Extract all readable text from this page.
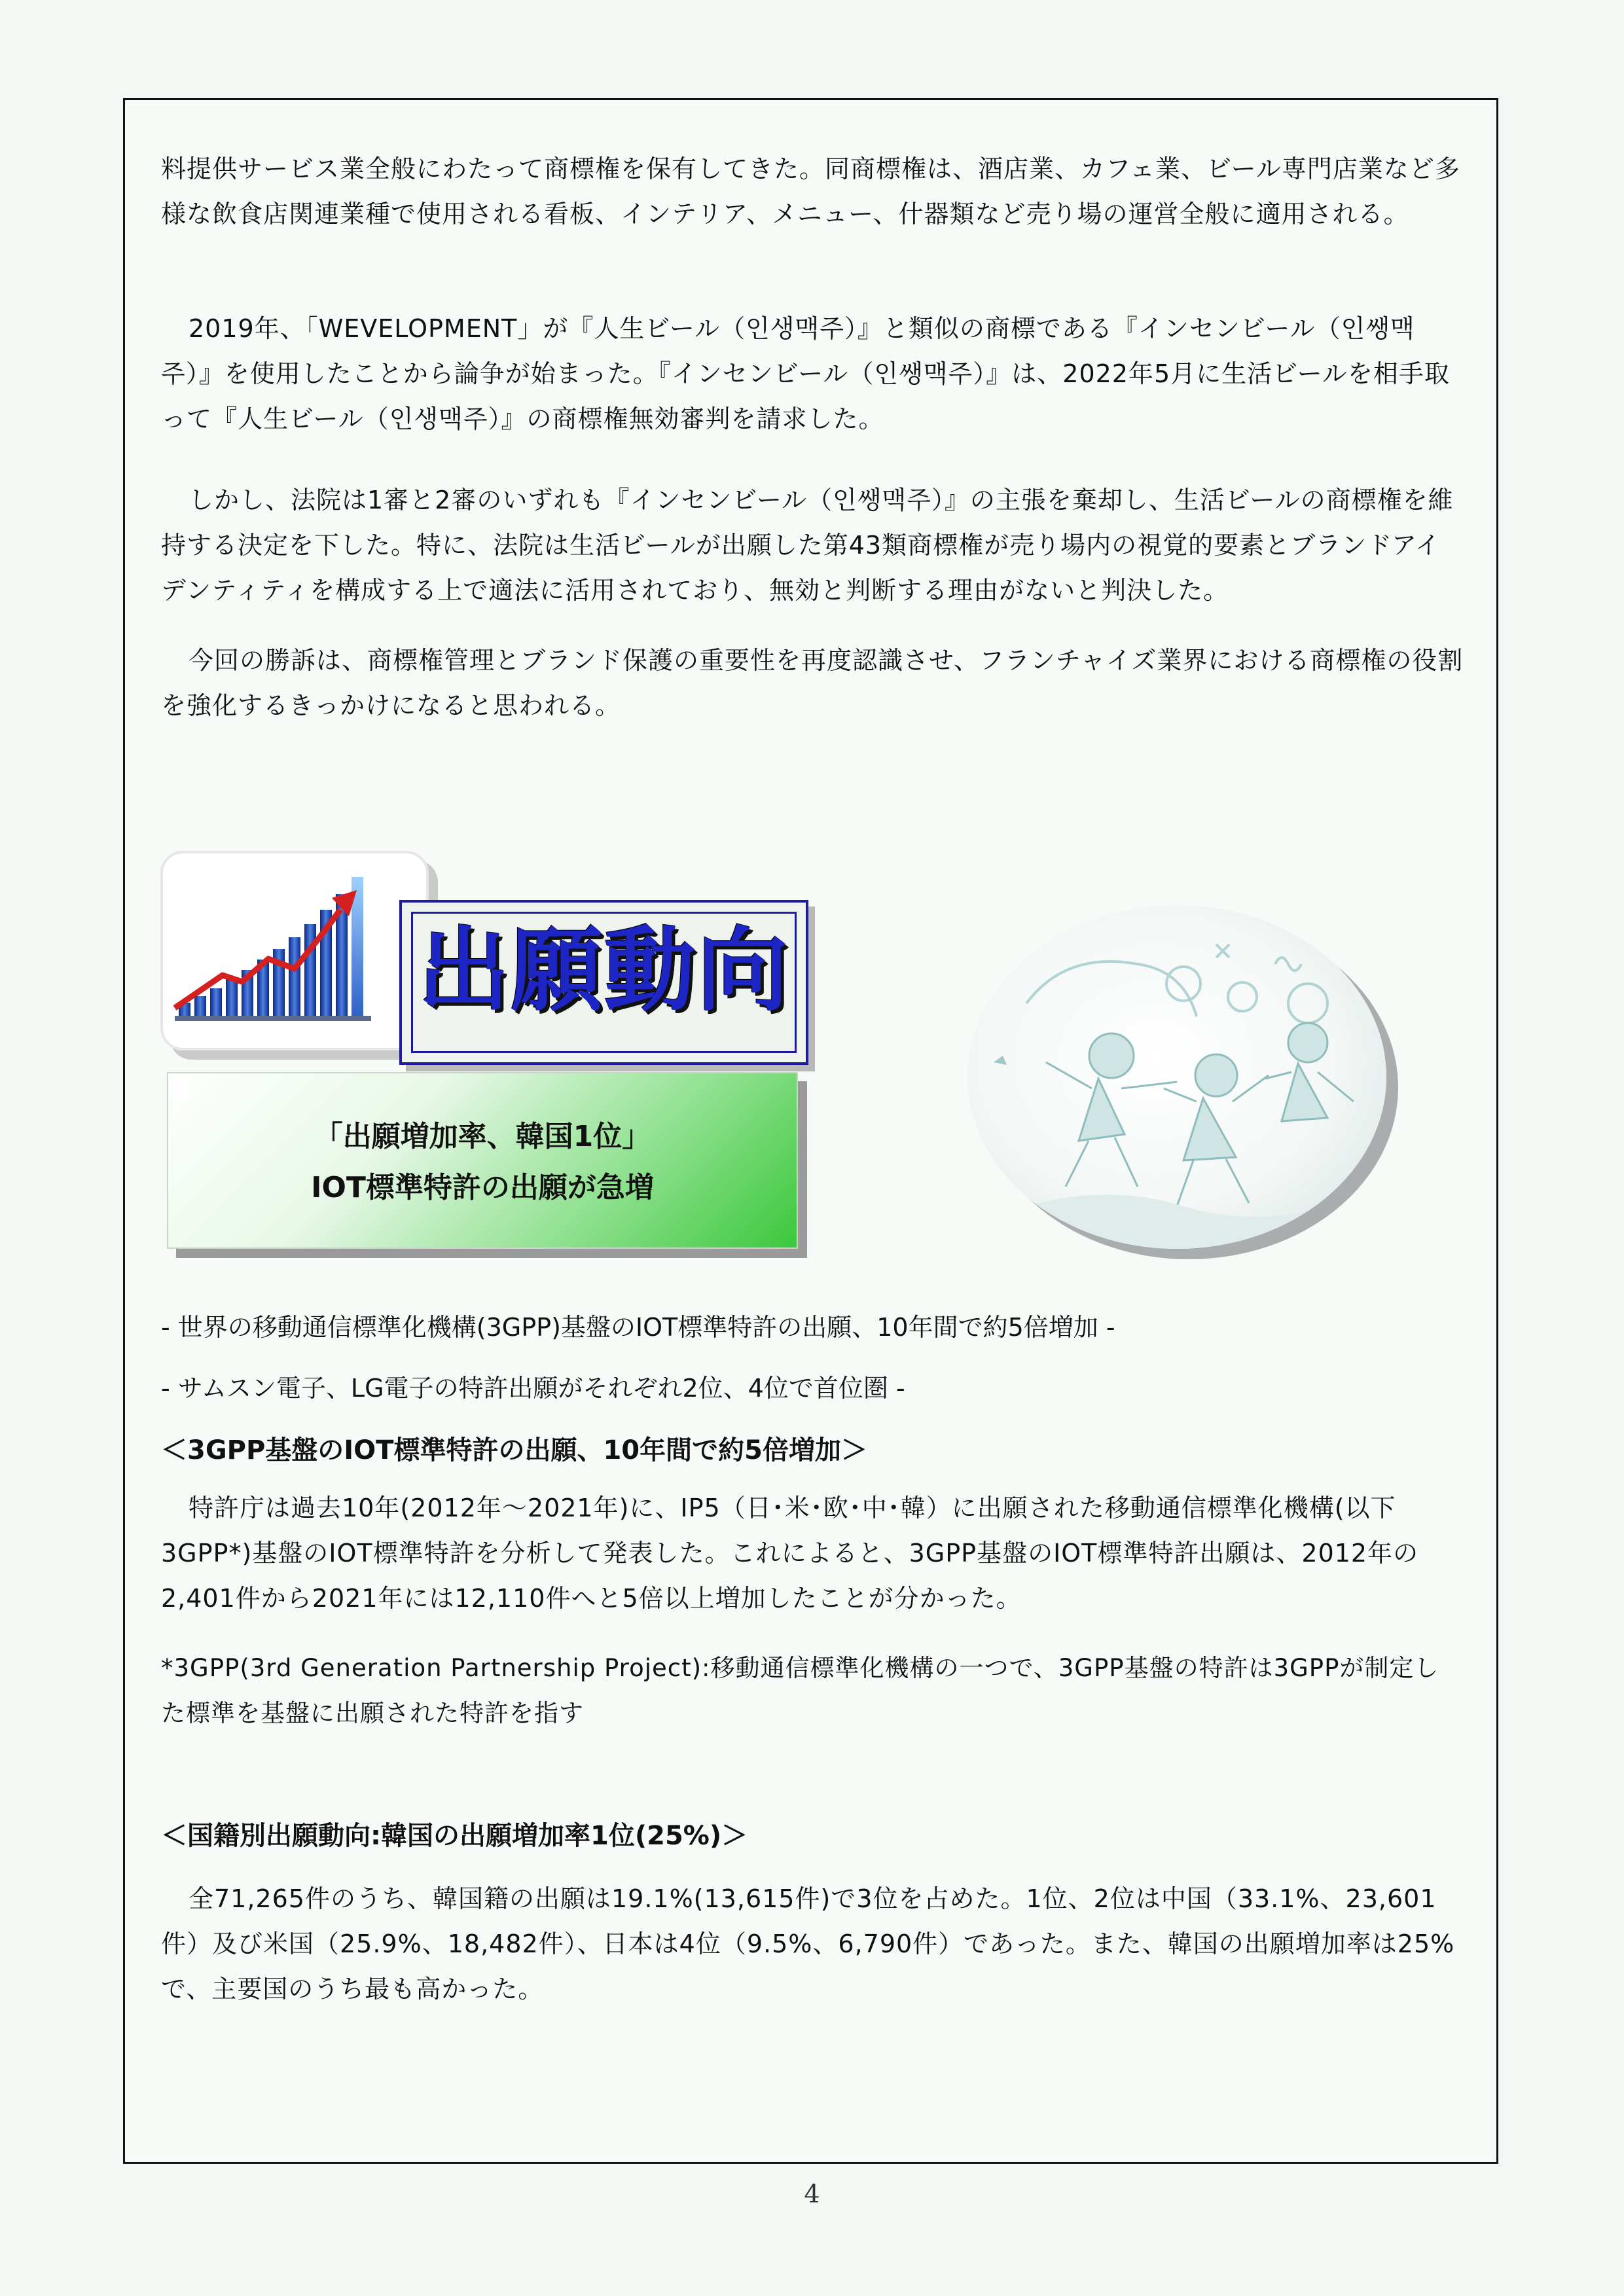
料提供サービス業全般にわたって商標権を保有してきた。同商標権は、酒店業、カフェ業、ビール専門店業など多様な飲食店関連業種で使用される看板、インテリア、メニュー、什器類など売り場の運営全般に適用される。

2019年、「WEVELOPMENT」が『人生ビール（인생맥주）』と類似の商標である『インセンビール（인쌩맥주）』を使用したことから論争が始まった。『インセンビール（인쌩맥주）』は、2022年5月に生活ビールを相手取って『人生ビール（인생맥주）』の商標権無効審判を請求した。

しかし、法院は1審と2審のいずれも『インセンビール（인쌩맥주）』の主張を棄却し、生活ビールの商標権を維持する決定を下した。特に、法院は生活ビールが出願した第43類商標権が売り場内の視覚的要素とブランドアイデンティティを構成する上で適法に活用されており、無効と判断する理由がないと判決した。

今回の勝訴は、商標権管理とブランド保護の重要性を再度認識させ、フランチャイズ業界における商標権の役割を強化するきっかけになると思われる。

出願動向
「出願増加率、韓国1位」
IOT標準特許の出願が急増

- 世界の移動通信標準化機構(3GPP)基盤のIOT標準特許の出願、10年間で約5倍増加 -

- サムスン電子、LG電子の特許出願がそれぞれ2位、4位で首位圏 -

＜3GPP基盤のIOT標準特許の出願、10年間で約5倍増加＞

特許庁は過去10年(2012年～2021年)に、IP5（日･米･欧･中･韓）に出願された移動通信標準化機構(以下3GPP*)基盤のIOT標準特許を分析して発表した。これによると、3GPP基盤のIOT標準特許出願は、2012年の2,401件から2021年には12,110件へと5倍以上増加したことが分かった。

*3GPP(3rd Generation Partnership Project):移動通信標準化機構の一つで、3GPP基盤の特許は3GPPが制定した標準を基盤に出願された特許を指す

＜国籍別出願動向:韓国の出願増加率1位(25%)＞

全71,265件のうち、韓国籍の出願は19.1%(13,615件)で3位を占めた。1位、2位は中国（33.1%、23,601件）及び米国（25.9%、18,482件）、日本は4位（9.5%、6,790件）であった。また、韓国の出願増加率は25%で、主要国のうち最も高かった。

4
